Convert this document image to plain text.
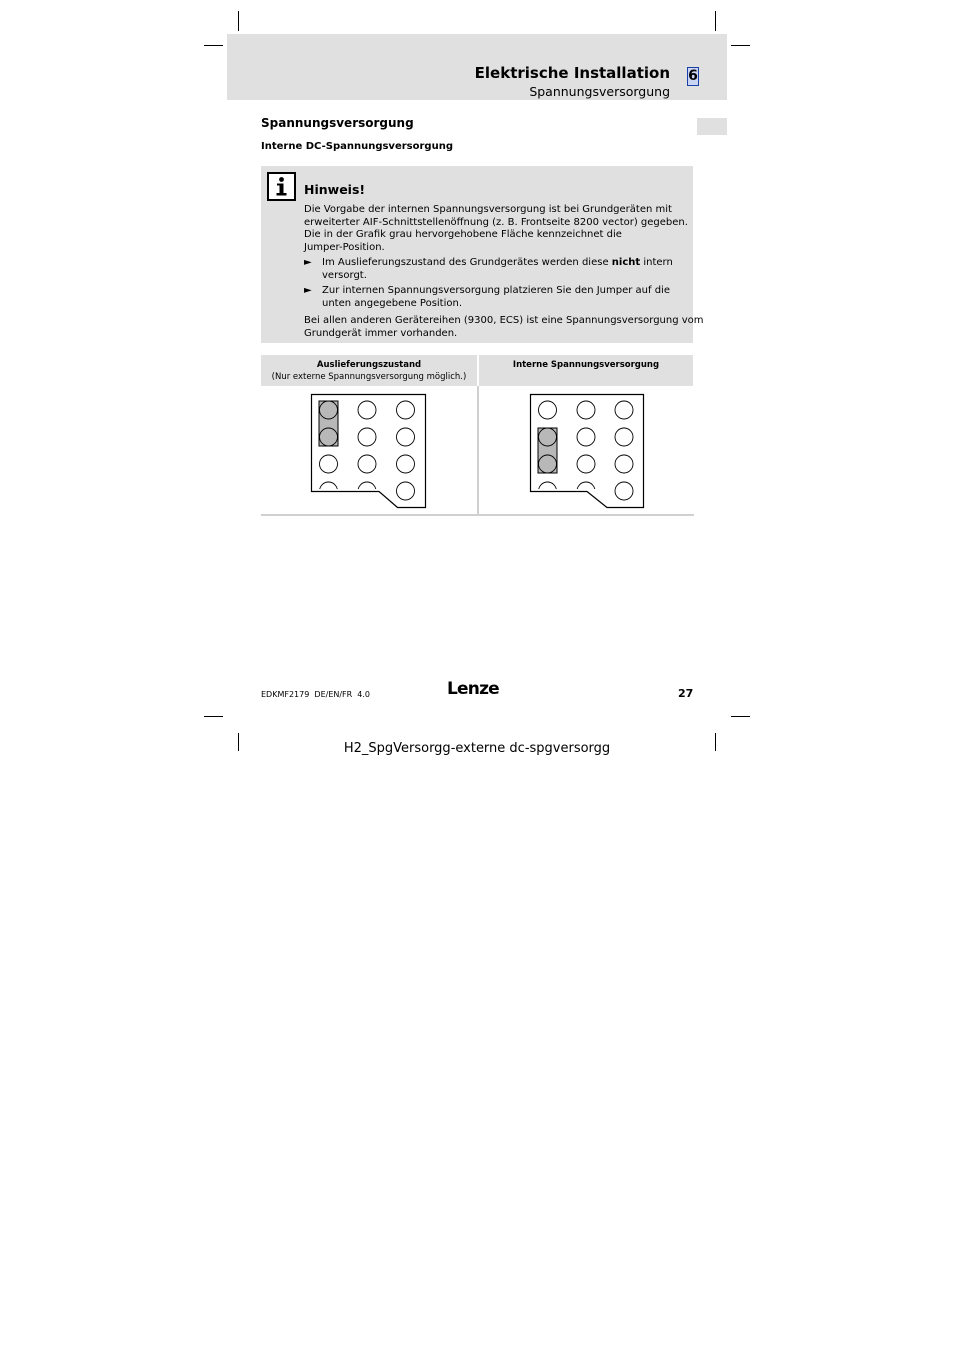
Elektrische Installation
Spannungsversorgung
6
Spannungsversorgung
Interne DC-Spannungsversorgung
Hinweis!
Die Vorgabe der internen Spannungsversorgung ist bei Grundgeräten mit
erweiterter AIF-Schnittstellenöffnung (z. B. Frontseite 8200 vector) gegeben.
Die in der Grafik grau hervorgehobene Fläche kennzeichnet die
Jumper-Position.
► Im Auslieferungszustand des Grundgerätes werden diese nicht intern
versorgt.
► Zur internen Spannungsversorgung platzieren Sie den Jumper auf die
unten angegebene Position.
Bei allen anderen Gerätereihen (9300, ECS) ist eine Spannungsversorgung vom
Grundgerät immer vorhanden.
Auslieferungszustand
(Nur externe Spannungsversorgung möglich.)
Interne Spannungsversorgung
EDKMF2179  DE/EN/FR  4.0	Lenze	27
H2_SpgVersorgg-externe dc-spgversorgg
